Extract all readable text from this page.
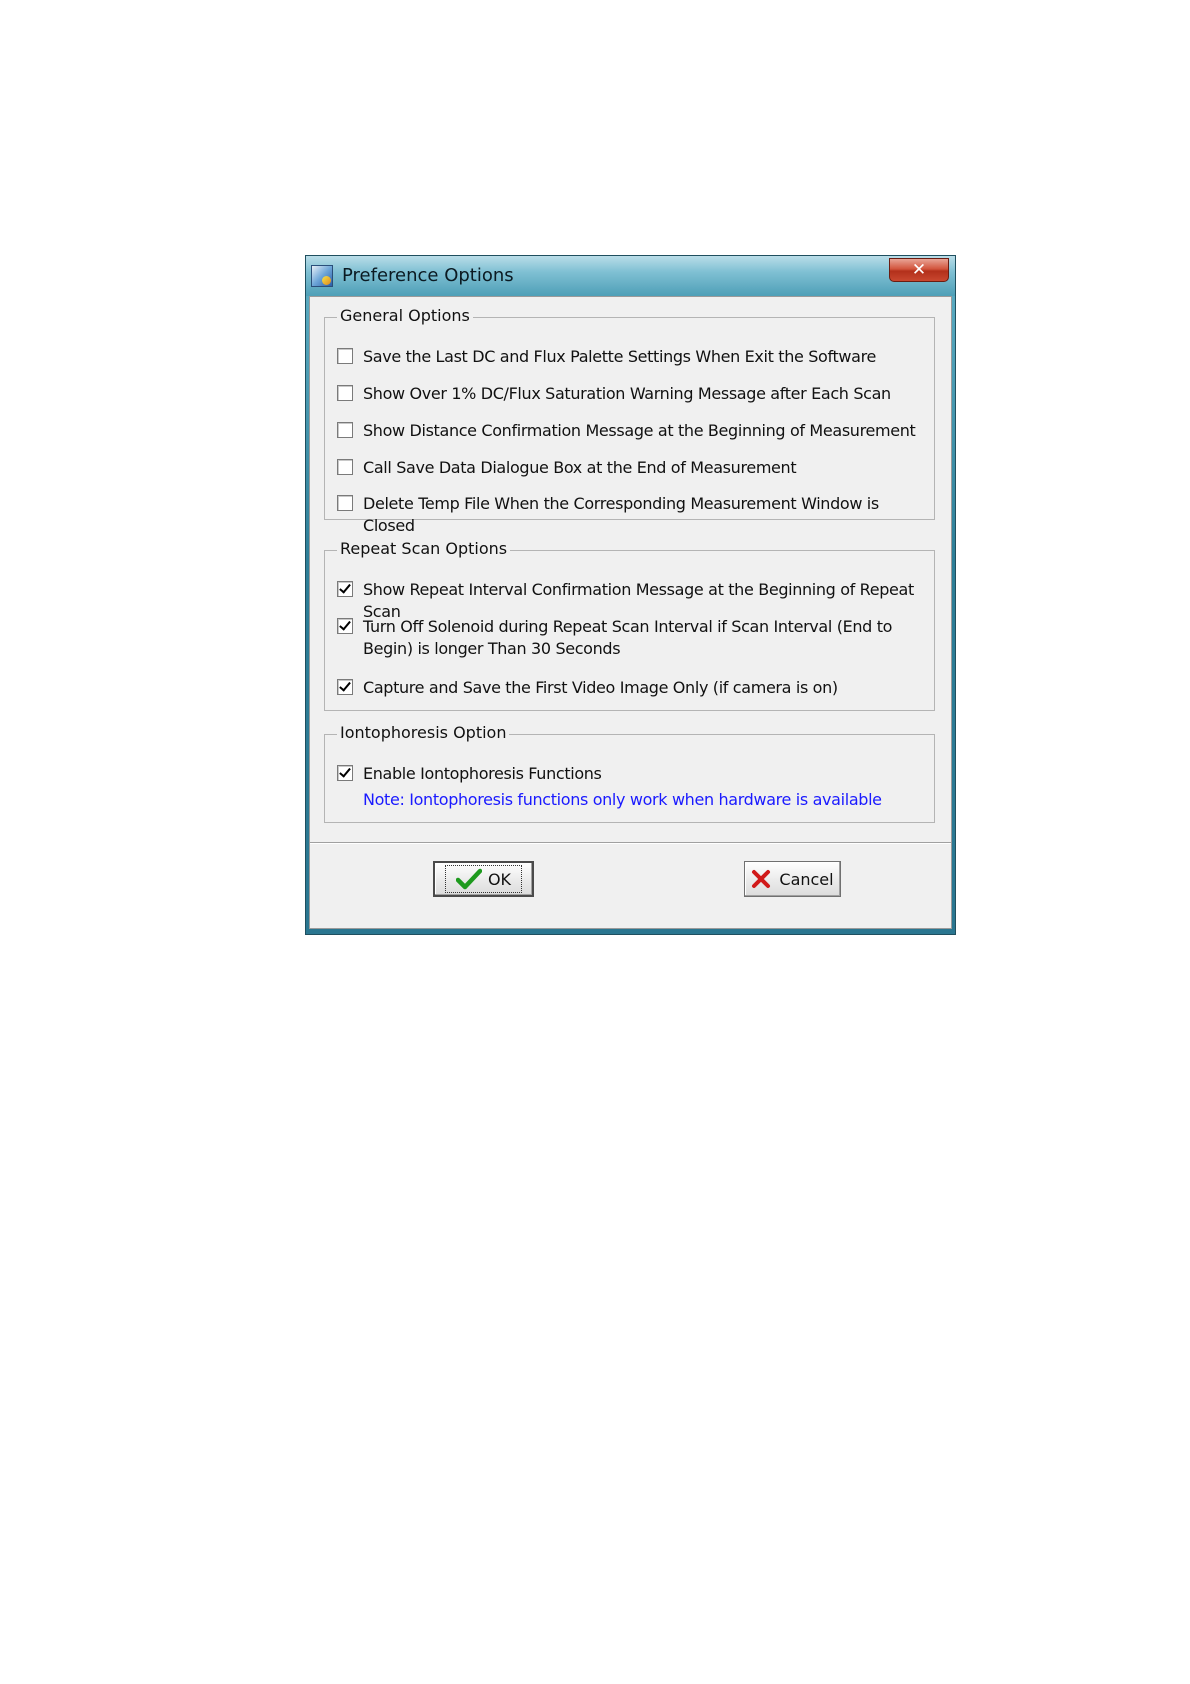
Preference Options	✕
General Options
Save the Last DC and Flux Palette Settings When Exit the Software
Show Over 1% DC/Flux Saturation Warning Message after Each Scan
Show Distance Confirmation Message at the Beginning of Measurement
Call Save Data Dialogue Box at the End of Measurement
Delete Temp File When the Corresponding Measurement Window is Closed
Repeat Scan Options
Show Repeat Interval Confirmation Message at the Beginning of Repeat Scan
Turn Off Solenoid during Repeat Scan Interval if Scan Interval (End to Begin) is longer Than 30 Seconds
Capture and Save the First Video Image Only (if camera is on)
Iontophoresis Option
Enable Iontophoresis Functions
Note: Iontophoresis functions only work when hardware is available
OK	Cancel
